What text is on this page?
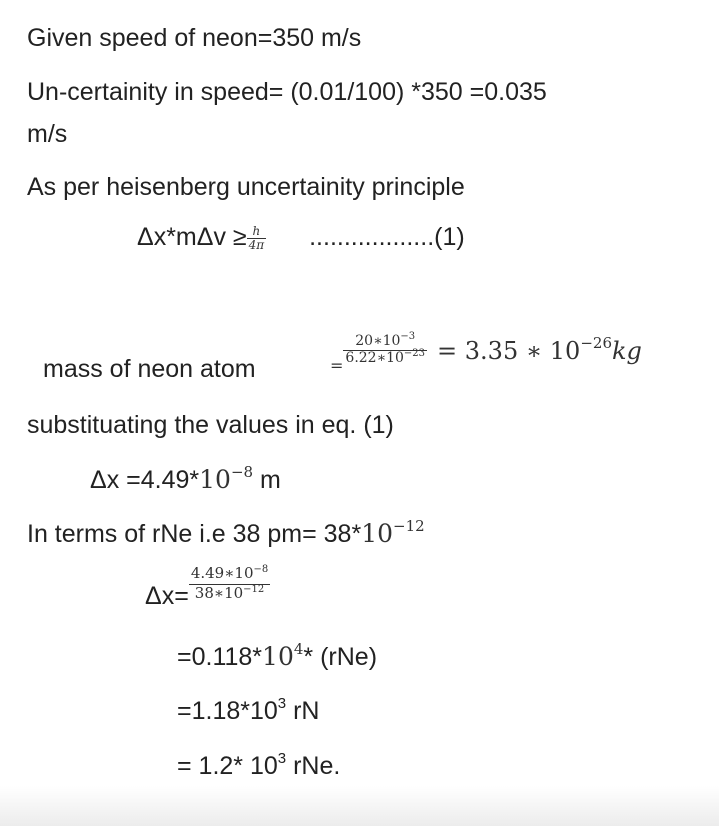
Given speed of neon=350 m/s
Un-certainity in speed= (0.01/100) *350 =0.035
m/s
As per heisenberg uncertainity principle
$\Delta x*m\Delta v \ge \frac{h}{4\pi} ..................(1)$
mass of neon atom	$_= \frac{20∗10^{-3}}{6.22∗10^{-23}} = 3.35$ ∗ $10^{-26}kg$
substituating the values in eq. (1)
$\Delta x =4.49*10^{-8}$ m
In terms of rNe i.e 38 $pm= 38*10^{-12}$
$\Delta x= \frac{4.49∗10^{-8}}{38∗10^{-12}}$
$=0.118*10^4*$ (rNe)
$=1.18*10^3$ rN
= 1.2* $10^3$ rNe.
